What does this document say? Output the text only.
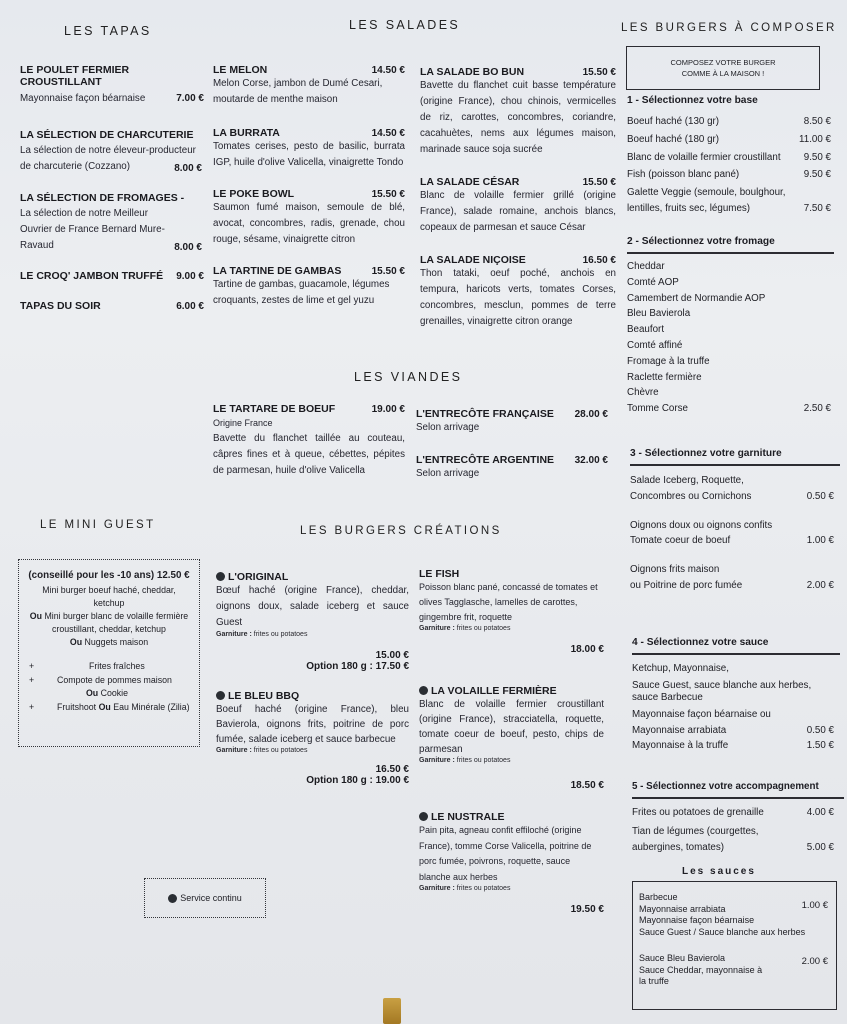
LES TAPAS	LES SALADES	LES BURGERS À COMPOSER
LES VIANDES
LE MINI GUEST	LES BURGERS CRÉATIONS
LE POULET FERMIER CROUSTILLANT
Mayonnaise façon béarnaise	7.00 €
LA SÉLECTION DE CHARCUTERIE
La sélection de notre éleveur-producteur de charcuterie (Cozzano)	8.00 €
LA SÉLECTION DE FROMAGES -
La sélection de notre Meilleur Ouvrier de France Bernard Mure-Ravaud	8.00 €
LE CROQ' JAMBON TRUFFÉ 9.00 €
TAPAS DU SOIR	6.00 €
LE MELON	14.50 €
Melon Corse, jambon de Dumé Cesari, moutarde de menthe maison
LA BURRATA	14.50 €
Tomates cerises, pesto de basilic, burrata IGP, huile d'olive Valicella, vinaigrette Tondo
LE POKE BOWL	15.50 €
Saumon fumé maison, semoule de blé, avocat, concombres, radis, grenade, chou rouge, sésame, vinaigrette citron
LA TARTINE DE GAMBAS	15.50 €
Tartine de gambas, guacamole, légumes croquants, zestes de lime et gel yuzu
LA SALADE BO BUN	15.50 €
Bavette du flanchet cuit basse température (origine France), chou chinois, vermicelles de riz, carottes, concombres, coriandre, cacahuètes, nems aux légumes maison, marinade sauce soja sucrée
LA SALADE CÉSAR	15.50 €
Blanc de volaille fermier grillé (origine France), salade romaine, anchois blancs, copeaux de parmesan et sauce César
LA SALADE NIÇOISE	16.50 €
Thon tataki, oeuf poché, anchois en tempura, haricots verts, tomates Corses, concombres, mesclun, pommes de terre grenailles, vinaigrette citron orange
LE TARTARE DE BOEUF	19.00 €
Origine France
Bavette du flanchet taillée au couteau, câpres fines et à queue, cébettes, pépites de parmesan, huile d'olive Valicella
L'ENTRECÔTE FRANÇAISE 28.00 €
Selon arrivage
L'ENTRECÔTE ARGENTINE 32.00 €
Selon arrivage
(conseillé pour les -10 ans) 12.50 €
Mini burger boeuf haché, cheddar, ketchup
Ou Mini burger blanc de volaille fermière croustillant, cheddar, ketchup
Ou Nuggets maison
+	Frites fraîches
+	Compote de pommes maison
Ou Cookie
+	Fruitshoot Ou Eau Minérale (Zilia)
Service continu
L'ORIGINAL
Bœuf haché (origine France), cheddar, oignons doux, salade iceberg et sauce Guest
Garniture : frites ou potatoes
15.00 €
Option 180 g : 17.50 €
LE BLEU BBQ
Boeuf haché (origine France), bleu Bavierola, oignons frits, poitrine de porc fumée, salade iceberg et sauce barbecue
Garniture : frites ou potatoes
16.50 €
Option 180 g : 19.00 €
LE FISH
Poisson blanc pané, concassé de tomates et olives Tagglasche, lamelles de carottes, gingembre frit, roquette
Garniture : frites ou potatoes
18.00 €
LA VOLAILLE FERMIÈRE
Blanc de volaille fermier croustillant (origine France), stracciatella, roquette, tomate coeur de boeuf, pesto, chips de parmesan
Garniture : frites ou potatoes
18.50 €
LE NUSTRALE
Pain pita, agneau confit effiloché (origine France), tomme Corse Valicella, poitrine de porc fumée, poivrons, roquette, sauce blanche aux herbes
Garniture : frites ou potatoes
19.50 €
COMPOSEZ VOTRE BURGER COMME À LA MAISON !
1 - Sélectionnez votre base
Boeuf haché (130 gr)	8.50 €
Boeuf haché (180 gr)	11.00 €
Blanc de volaille fermier croustillant 9.50 €
Fish (poisson blanc pané)	9.50 €
Galette Veggie (semoule, boulghour, lentilles, fruits sec, légumes)	7.50 €
2 - Sélectionnez votre fromage
Cheddar
Comté AOP
Camembert de Normandie AOP
Bleu Bavierola
Beaufort
Comté affiné
Fromage à la truffe
Raclette fermière
Chèvre
Tomme Corse	2.50 €
3 - Sélectionnez votre garniture
Salade Iceberg, Roquette, Concombres ou Cornichons	0.50 €
Oignons doux ou oignons confits
Tomate coeur de boeuf	1.00 €
Oignons frits maison
ou Poitrine de porc fumée	2.00 €
4 - Sélectionnez votre sauce
Ketchup, Mayonnaise,
Sauce Guest, sauce blanche aux herbes, sauce Barbecue
Mayonnaise façon béarnaise ou
Mayonnaise arrabiata	0.50 €
Mayonnaise à la truffe	1.50 €
5 - Sélectionnez votre accompagnement
Frites ou potatoes de grenaille	4.00 €
Tian de légumes (courgettes, aubergines, tomates)	5.00 €
Les sauces
Barbecue
Mayonnaise arrabiata
Mayonnaise façon béarnaise
Sauce Guest / Sauce blanche aux herbes
1.00 €
Sauce Bleu Bavierola
Sauce Cheddar, mayonnaise à la truffe
2.00 €
